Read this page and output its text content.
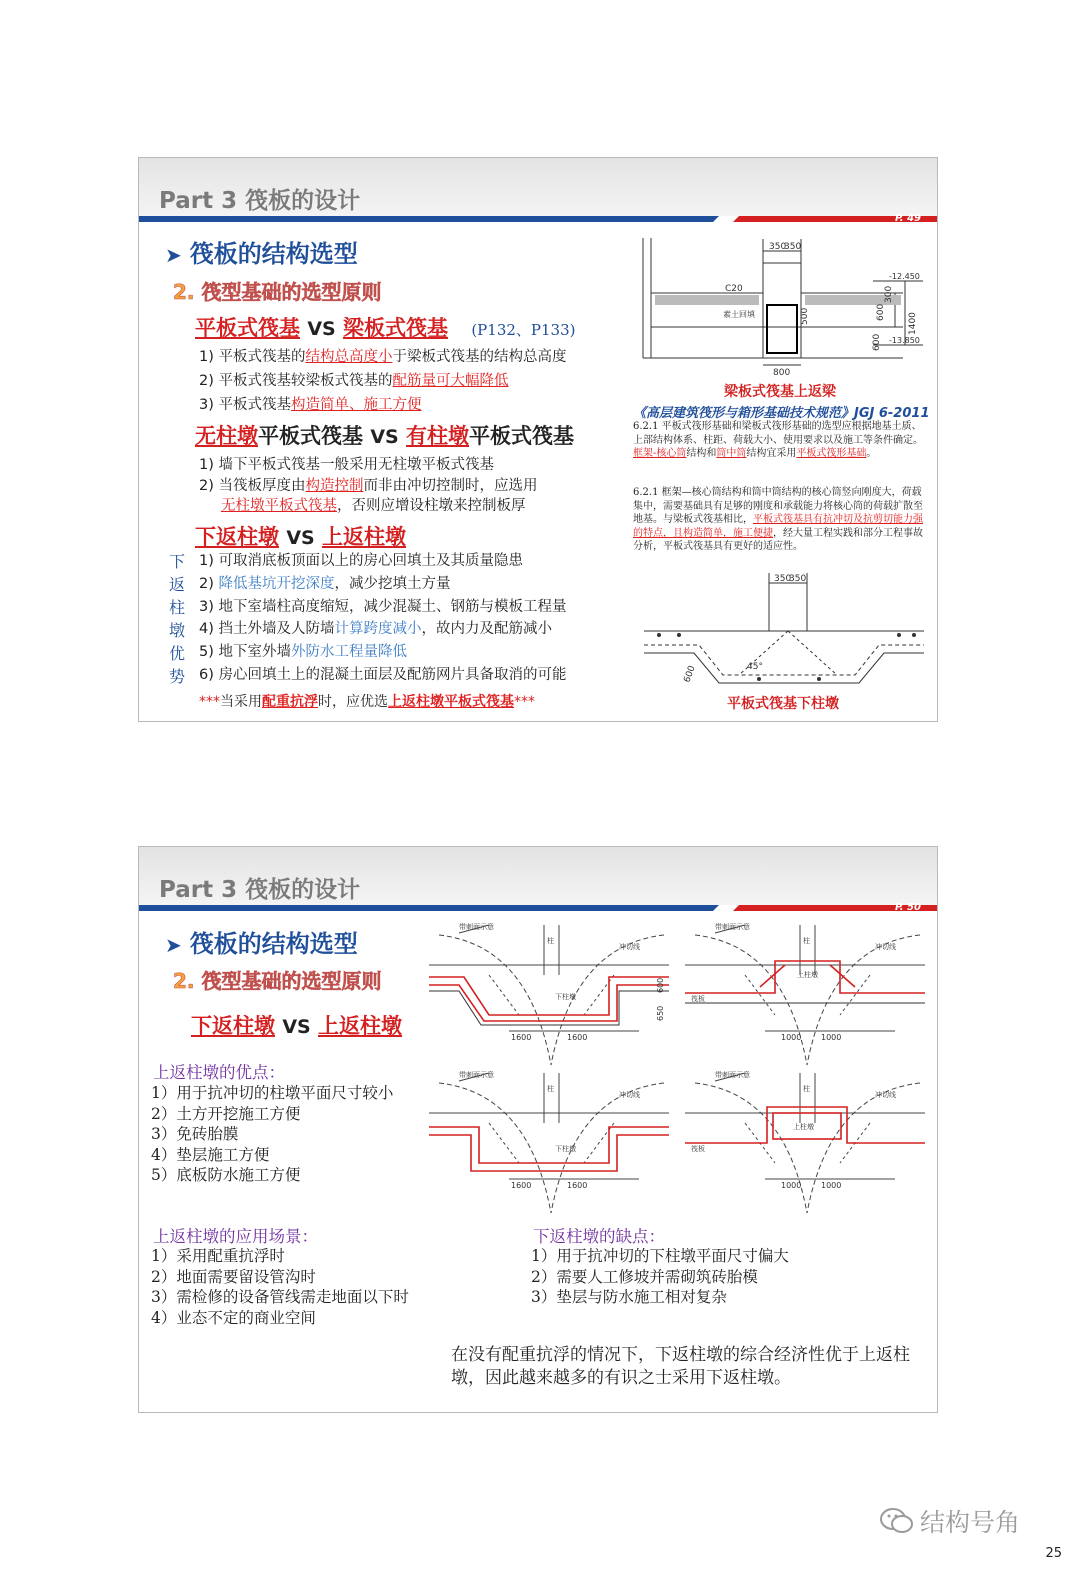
Part 3 筏板的设计
P. 49
➤ 筏板的结构选型
2. 筏型基础的选型原则
平板式筏基 VS 梁板式筏基 (P132、P133)
1) 平板式筏基的结构总高度小于梁板式筏基的结构总高度
2) 平板式筏基较梁板式筏基的配筋量可大幅降低
3) 平板式筏基构造简单、施工方便
无柱墩平板式筏基 VS 有柱墩平板式筏基
1) 墙下平板式筏基一般采用无柱墩平板式筏基
2) 当筏板厚度由构造控制而非由冲切控制时，应选用
无柱墩平板式筏基，否则应增设柱墩来控制板厚
下返柱墩 VS 上返柱墩
下
返
柱
墩
优
势
1) 可取消底板顶面以上的房心回填土及其质量隐患
2) 降低基坑开挖深度，减少挖填土方量
3) 地下室墙柱高度缩短，减少混凝土、钢筋与模板工程量
4) 挡土外墙及人防墙计算跨度减小，故内力及配筋减小
5) 地下室外墙外防水工程量降低
6) 房心回填土上的混凝土面层及配筋网片具备取消的可能
***当采用配重抗浮时，应优选上返柱墩平板式筏基***
350
350
C20
素土回填	500	600
300
1400
600
800
-12.450
-13.850
梁板式筏基上返梁
《高层建筑筏形与箱形基础技术规范》JGJ 6-2011
6.2.1 平板式筏形基础和梁板式筏形基础的选型应根据地基土质、上部结构体系、柱距、荷载大小、使用要求以及施工等条件确定。框架-核心筒结构和筒中筒结构宜采用平板式筏形基础。
6.2.1 框架—核心筒结构和筒中筒结构的核心筒竖向刚度大，荷载集中，需要基础具有足够的刚度和承载能力将核心筒的荷载扩散至地基。与梁板式筏基相比，平板式筏基具有抗冲切及抗剪切能力强的特点，且构造简单，施工便捷，经大量工程实践和部分工程事故分析，平板式筏基具有更好的适应性。
350
350
45°
600
平板式筏基下柱墩
Part 3 筏板的设计
P. 50
➤ 筏板的结构选型
2. 筏型基础的选型原则
下返柱墩 VS 上返柱墩
上返柱墩的优点：
1）用于抗冲切的柱墩平面尺寸较小
2）土方开挖施工方便
3）免砖胎膜
4）垫层施工方便
5）底板防水施工方便
上返柱墩的应用场景：
1）采用配重抗浮时
2）地面需要留设管沟时
3）需检修的设备管线需走地面以下时
4）业态不定的商业空间
下返柱墩的缺点：
1）用于抗冲切的下柱墩平面尺寸偏大
2）需要人工修坡并需砌筑砖胎模
3）垫层与防水施工相对复杂
在没有配重抗浮的情况下，下返柱墩的综合经济性优于上返柱墩，因此越来越多的有识之士采用下返柱墩。
带刺面示意
柱
冲切线
下柱墩
1600	1600
600
650
带刺面示意
柱
冲切线
上柱墩
筏板
1000 1000
带刺面示意
柱
冲切线
下柱墩
1600	1600
带刺面示意
柱
冲切线
上柱墩
筏板
1000 1000
结构号角
25
